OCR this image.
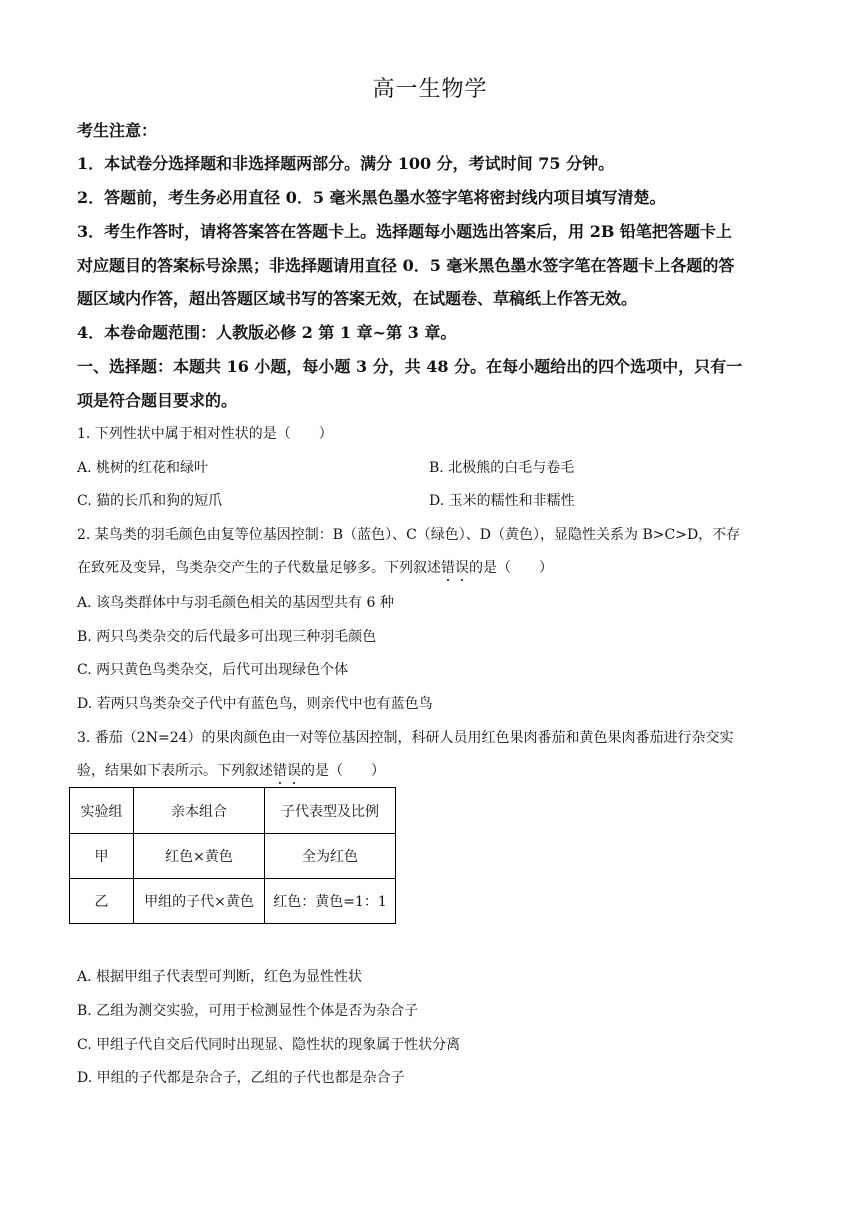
高一生物学
考生注意：
1．本试卷分选择题和非选择题两部分。满分 100 分，考试时间 75 分钟。
2．答题前，考生务必用直径 0．5 毫米黑色墨水签字笔将密封线内项目填写清楚。
3．考生作答时，请将答案答在答题卡上。选择题每小题选出答案后，用 2B 铅笔把答题卡上
对应题目的答案标号涂黑；非选择题请用直径 0．5 毫米黑色墨水签字笔在答题卡上各题的答
题区域内作答，超出答题区域书写的答案无效，在试题卷、草稿纸上作答无效。
4．本卷命题范围：人教版必修 2 第 1 章~第 3 章。
一、选择题：本题共 16 小题，每小题 3 分，共 48 分。在每小题给出的四个选项中，只有一
项是符合题目要求的。
1. 下列性状中属于相对性状的是（　　）
A. 桃树的红花和绿叶	B. 北极熊的白毛与卷毛
C. 猫的长爪和狗的短爪	D. 玉米的糯性和非糯性
2. 某鸟类的羽毛颜色由复等位基因控制：B（蓝色）、C（绿色）、D（黄色），显隐性关系为 B>C>D，不存
在致死及变异，鸟类杂交产生的子代数量足够多。下列叙述错误的是（　　）
A. 该鸟类群体中与羽毛颜色相关的基因型共有 6 种
B. 两只鸟类杂交的后代最多可出现三种羽毛颜色
C. 两只黄色鸟类杂交，后代可出现绿色个体
D. 若两只鸟类杂交子代中有蓝色鸟，则亲代中也有蓝色鸟
3. 番茄（2N=24）的果肉颜色由一对等位基因控制，科研人员用红色果肉番茄和黄色果肉番茄进行杂交实
验，结果如下表所示。下列叙述错误的是（　　）
实验组	亲本组合	子代表型及比例
甲	红色×黄色	全为红色
乙	甲组的子代×黄色	红色：黄色=1：1
A. 根据甲组子代表型可判断，红色为显性性状
B. 乙组为测交实验，可用于检测显性个体是否为杂合子
C. 甲组子代自交后代同时出现显、隐性状的现象属于性状分离
D. 甲组的子代都是杂合子，乙组的子代也都是杂合子
